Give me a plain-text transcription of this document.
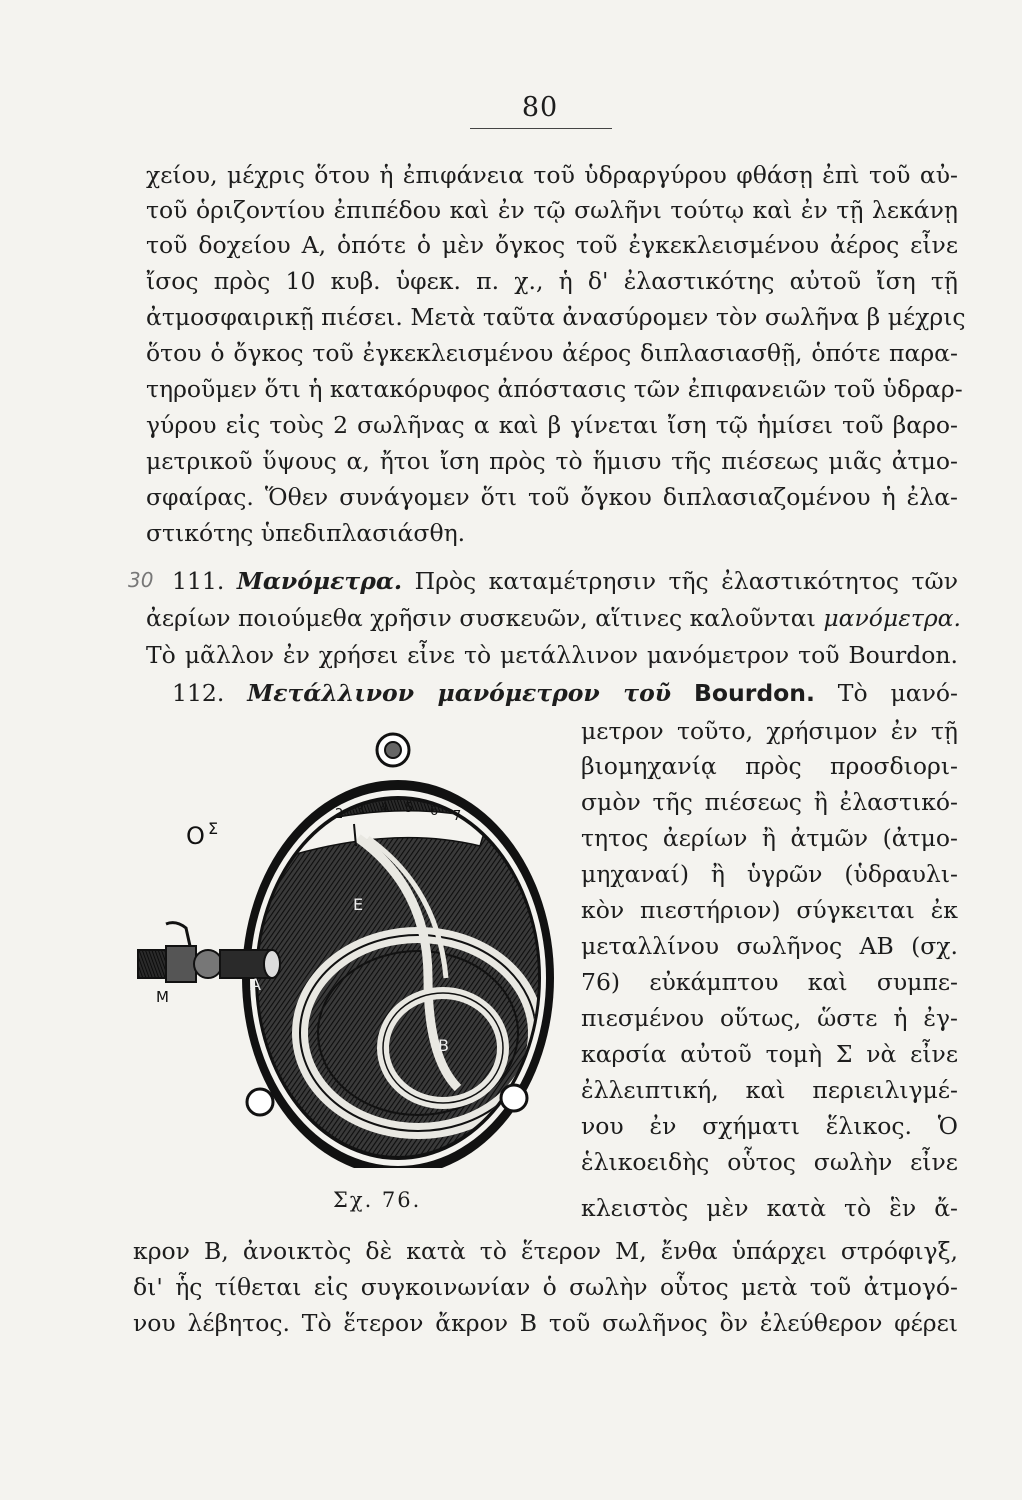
80
χείου, μέχρις ὅτου ἡ ἐπιφάνεια τοῦ ὑδραργύρου φθάσῃ ἐπὶ τοῦ αὐ-
τοῦ ὁριζοντίου ἐπιπέδου καὶ ἐν τῷ σωλῆνι τούτῳ καὶ ἐν τῇ λεκάνῃ
τοῦ δοχείου Α, ὁπότε ὁ μὲν ὄγκος τοῦ ἐγκεκλεισμένου ἀέρος εἶνε
ἴσος πρὸς 10 κυβ. ὑφεκ. π. χ., ἡ δ' ἐλαστικότης αὐτοῦ ἴση τῇ
ἀτμοσφαιρικῇ πιέσει. Μετὰ ταῦτα ἀνασύρομεν τὸν σωλῆνα β μέχρις
ὅτου ὁ ὄγκος τοῦ ἐγκεκλεισμένου ἀέρος διπλασιασθῇ, ὁπότε παρα-
τηροῦμεν ὅτι ἡ κατακόρυφος ἀπόστασις τῶν ἐπιφανειῶν τοῦ ὑδραρ-
γύρου εἰς τοὺς 2 σωλῆνας α καὶ β γίνεται ἴση τῷ ἡμίσει τοῦ βαρο-
μετρικοῦ ὕψους α, ἤτοι ἴση πρὸς τὸ ἥμισυ τῆς πιέσεως μιᾶς ἀτμο-
σφαίρας. Ὅθεν συνάγομεν ὅτι τοῦ ὄγκου διπλασιαζομένου ἡ ἐλα-
στικότης ὑπεδιπλασιάσθη.
30 111. Μανόμετρα. Πρὸς καταμέτρησιν τῆς ἐλαστικότητος τῶν
ἀερίων ποιούμεθα χρῆσιν συσκευῶν, αἵτινες καλοῦνται μανόμετρα.
Τὸ μᾶλλον ἐν χρήσει εἶνε τὸ μετάλλινον μανόμετρον τοῦ Bourdon.
112. Μετάλλινον μανόμετρον τοῦ Bourdon. Τὸ μανό-
μετρον τοῦτο, χρήσιμον ἐν τῇ
βιομηχανίᾳ πρὸς προσδιορι-
σμὸν τῆς πιέσεως ἢ ἐλαστικό-
τητος ἀερίων ἢ ἀτμῶν (ἀτμο-
μηχαναί) ἢ ὑγρῶν (ὑδραυλι-
κὸν πιεστήριον) σύγκειται ἐκ
μεταλλίνου σωλῆνος ΑΒ (σχ.
76) εὐκάμπτου καὶ συμπε-
πιεσμένου οὕτως, ὥστε ἡ ἐγ-
καρσία αὐτοῦ τομὴ Σ νὰ εἶνε
ἐλλειπτική, καὶ περιειλιγμέ-
νου ἐν σχήματι ἕλικος. Ὁ
ἑλικοειδὴς οὗτος σωλὴν εἶνε
κλειστὸς μὲν κατὰ τὸ ἓν ἄ-
2 3 4 5 6 7
O Σ
M
A
B
E
Σχ. 76.
κρον Β, ἀνοικτὸς δὲ κατὰ τὸ ἕτερον Μ, ἔνθα ὑπάρχει στρόφιγξ,
δι' ἧς τίθεται εἰς συγκοινωνίαν ὁ σωλὴν οὗτος μετὰ τοῦ ἀτμογό-
νου λέβητος. Τὸ ἕτερον ἄκρον Β τοῦ σωλῆνος ὂν ἐλεύθερον φέρει
